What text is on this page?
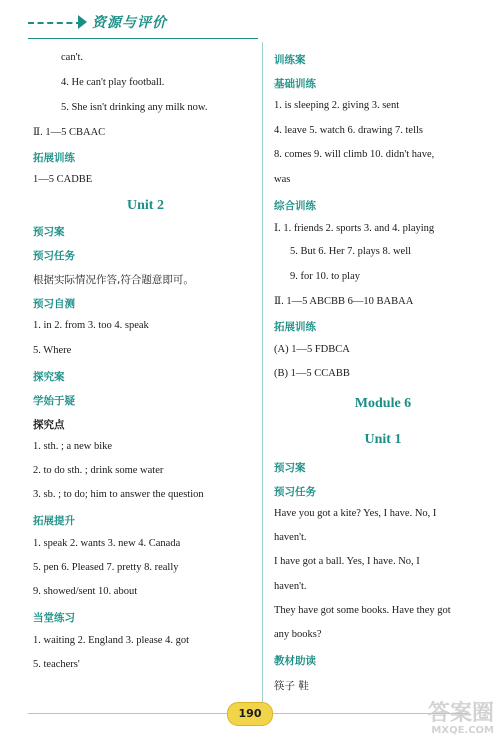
资源与评价
can't.
4. He can't play football.
5. She isn't drinking any milk now.
Ⅱ. 1—5 CBAAC
拓展训练
1—5 CADBE
Unit 2
预习案
预习任务
根据实际情况作答,符合题意即可。
预习自测
1. in 2. from 3. too 4. speak
5. Where
探究案
学始于疑
探究点
1. sth. ; a new bike
2. to do sth. ; drink some water
3. sb. ; to do; him to answer the question
拓展提升
1. speak 2. wants 3. new 4. Canada
5. pen 6. Pleased 7. pretty 8. really
9. showed/sent 10. about
当堂练习
1. waiting 2. England 3. please 4. got
5. teachers'
训练案
基础训练
1. is sleeping 2. giving 3. sent
4. leave 5. watch 6. drawing 7. tells
8. comes 9. will climb 10. didn't have,
was
综合训练
Ⅰ. 1. friends 2. sports 3. and 4. playing
5. But 6. Her 7. plays 8. well
9. for 10. to play
Ⅱ. 1—5 ABCBB 6—10 BABAA
拓展训练
(A) 1—5 FDBCA
(B) 1—5 CCABB
Module 6
Unit 1
预习案
预习任务
Have you got a kite? Yes, I have. No, I
haven't.
I have got a ball. Yes, I have. No, I
haven't.
They have got some books. Have they got
any books?
教材助读
筷子 鞋
190	答案圈
MXQE.COM
